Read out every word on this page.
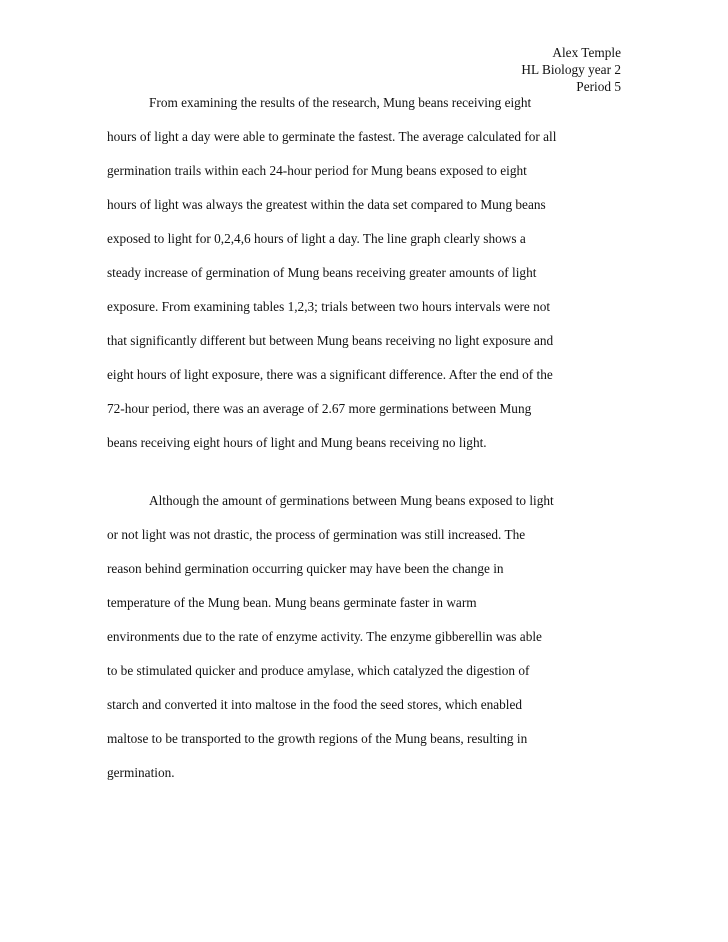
Alex Temple
HL Biology year 2
Period 5
From examining the results of the research, Mung beans receiving eight
hours of light a day were able to germinate the fastest. The average calculated for all
germination trails within each 24-hour period for Mung beans exposed to eight
hours of light was always the greatest within the data set compared to Mung beans
exposed to light for 0,2,4,6 hours of light a day. The line graph clearly shows a
steady increase of germination of Mung beans receiving greater amounts of light
exposure. From examining tables 1,2,3; trials between two hours intervals were not
that significantly different but between Mung beans receiving no light exposure and
eight hours of light exposure, there was a significant difference. After the end of the
72-hour period, there was an average of 2.67 more germinations between Mung
beans receiving eight hours of light and Mung beans receiving no light.
Although the amount of germinations between Mung beans exposed to light
or not light was not drastic, the process of germination was still increased. The
reason behind germination occurring quicker may have been the change in
temperature of the Mung bean. Mung beans germinate faster in warm
environments due to the rate of enzyme activity. The enzyme gibberellin was able
to be stimulated quicker and produce amylase, which catalyzed the digestion of
starch and converted it into maltose in the food the seed stores, which enabled
maltose to be transported to the growth regions of the Mung beans, resulting in
germination.
